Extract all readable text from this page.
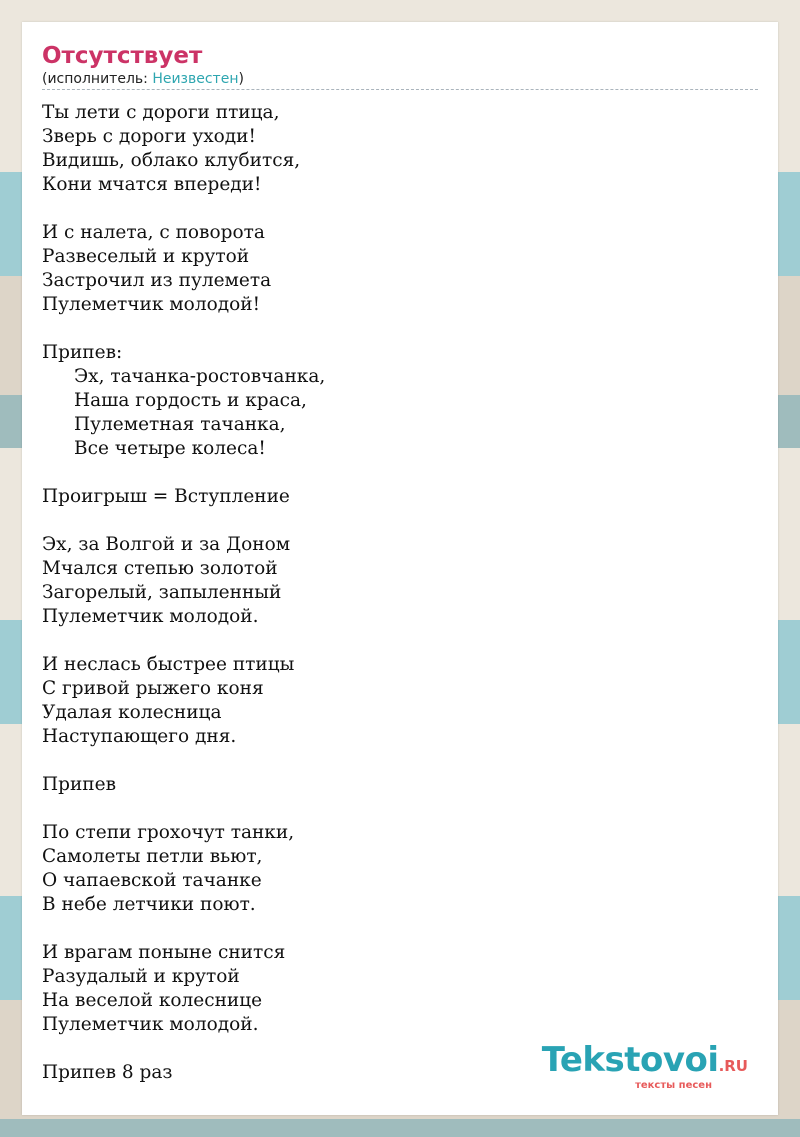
Отсутствует
(исполнитель: Неизвестен)
Ты лети с дороги птица,
Зверь с дороги уходи!
Видишь, облако клубится,
Кони мчатся впереди!
И с налета, с поворота
Развеселый и крутой
Застрочил из пулемета
Пулеметчик молодой!
Припев:
Эх, тачанка-ростовчанка,
Наша гордость и краса,
Пулеметная тачанка,
Все четыре колеса!
Проигрыш = Вступление
Эх, за Волгой и за Доном
Мчался степью золотой
Загорелый, запыленный
Пулеметчик молодой.
И неслась быстрее птицы
С гривой рыжего коня
Удалая колесница
Наступающего дня.
Припев
По степи грохочут танки,
Самолеты петли вьют,
О чапаевской тачанке
В небе летчики поют.
И врагам поныне снится
Разудалый и крутой
На веселой колеснице
Пулеметчик молодой.
Припев 8 раз	Tekstovoi.RU
тексты песен
